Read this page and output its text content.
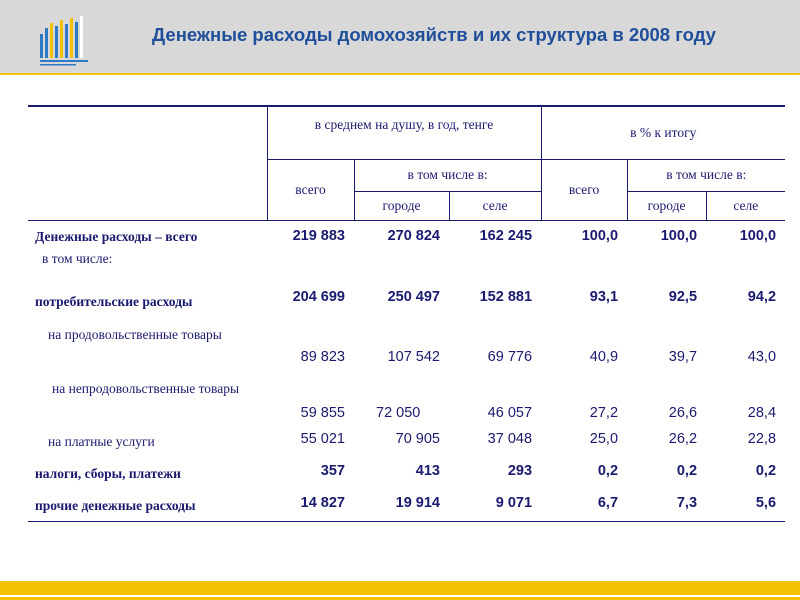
Денежные расходы домохозяйств и их структура в 2008 году
	в среднем на душу, в год, тенге			в % к итогу		
	всего	в том числе в:		всего	в том числе в:	
		городе	селе		городе	селе
Денежные расходы – всего	219 883	270 824	162 245	100,0	100,0	100,0
в том числе:						
потребительские расходы	204 699	250 497	152 881	93,1	92,5	94,2

на продовольственные товары	89 823	107 542	69 776	40,9	39,7	43,0

на непродовольственные товары	59 855	72 050	46 057	27,2	26,6	28,4
на платные услуги	55 021	70 905	37 048	25,0	26,2	22,8
налоги, сборы, платежи	357	413	293	0,2	0,2	0,2
прочие денежные расходы	14 827	19 914	9 071	6,7	7,3	5,6
